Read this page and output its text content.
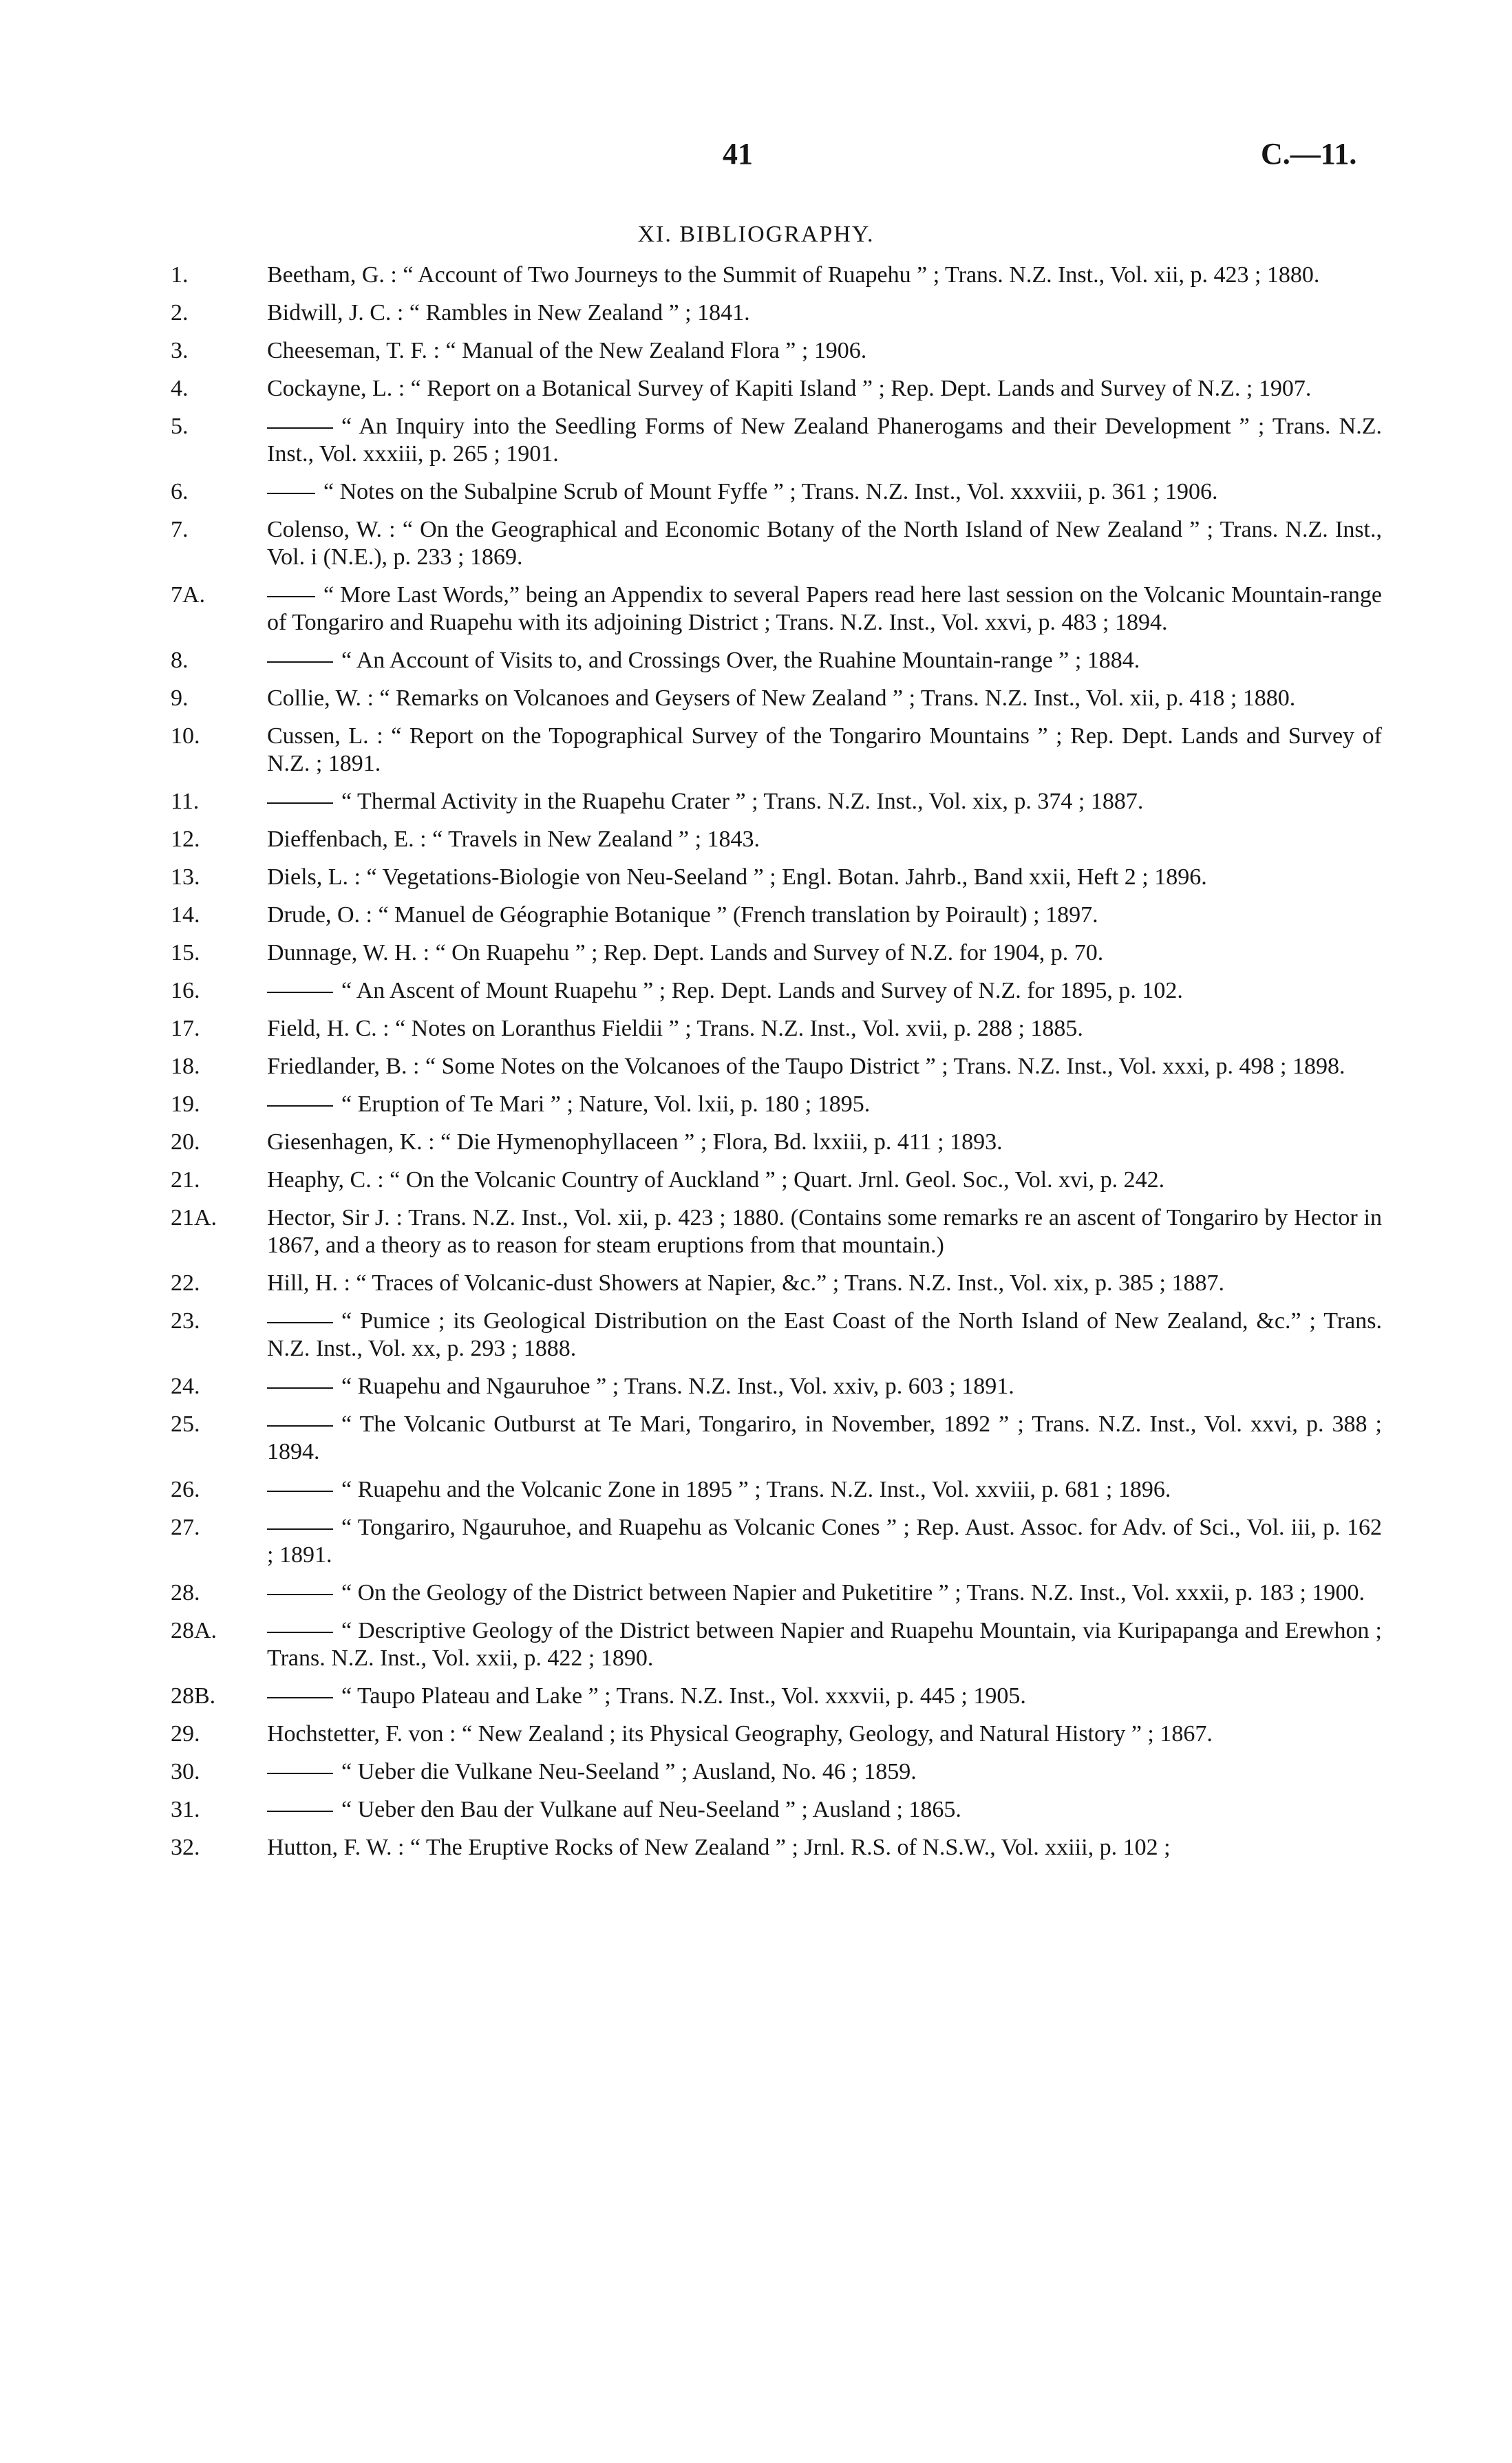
41	C.—11.
XI. BIBLIOGRAPHY.
1.	Beetham, G. : “ Account of Two Journeys to the Summit of Ruapehu ” ; Trans. N.Z. Inst., Vol. xii, p. 423 ; 1880.
2.	Bidwill, J. C. : “ Rambles in New Zealand ” ; 1841.
3.	Cheeseman, T. F. : “ Manual of the New Zealand Flora ” ; 1906.
4.	Cockayne, L. : “ Report on a Botanical Survey of Kapiti Island ” ; Rep. Dept. Lands and Survey of N.Z. ; 1907.
5.	“ An Inquiry into the Seedling Forms of New Zealand Phanerogams and their Development ” ; Trans. N.Z. Inst., Vol. xxxiii, p. 265 ; 1901.
6.	“ Notes on the Subalpine Scrub of Mount Fyffe ” ; Trans. N.Z. Inst., Vol. xxxviii, p. 361 ; 1906.
7.	Colenso, W. : “ On the Geographical and Economic Botany of the North Island of New Zealand ” ; Trans. N.Z. Inst., Vol. i (N.E.), p. 233 ; 1869.
7A.	“ More Last Words,” being an Appendix to several Papers read here last session on the Volcanic Mountain-range of Tongariro and Ruapehu with its adjoining District ; Trans. N.Z. Inst., Vol. xxvi, p. 483 ; 1894.
8.	“ An Account of Visits to, and Crossings Over, the Ruahine Mountain-range ” ; 1884.
9.	Collie, W. : “ Remarks on Volcanoes and Geysers of New Zealand ” ; Trans. N.Z. Inst., Vol. xii, p. 418 ; 1880.
10.	Cussen, L. : “ Report on the Topographical Survey of the Tongariro Mountains ” ; Rep. Dept. Lands and Survey of N.Z. ; 1891.
11.	“ Thermal Activity in the Ruapehu Crater ” ; Trans. N.Z. Inst., Vol. xix, p. 374 ; 1887.
12.	Dieffenbach, E. : “ Travels in New Zealand ” ; 1843.
13.	Diels, L. : “ Vegetations-Biologie von Neu-Seeland ” ; Engl. Botan. Jahrb., Band xxii, Heft 2 ; 1896.
14.	Drude, O. : “ Manuel de Géographie Botanique ” (French translation by Poirault) ; 1897.
15.	Dunnage, W. H. : “ On Ruapehu ” ; Rep. Dept. Lands and Survey of N.Z. for 1904, p. 70.
16.	“ An Ascent of Mount Ruapehu ” ; Rep. Dept. Lands and Survey of N.Z. for 1895, p. 102.
17.	Field, H. C. : “ Notes on Loranthus Fieldii ” ; Trans. N.Z. Inst., Vol. xvii, p. 288 ; 1885.
18.	Friedlander, B. : “ Some Notes on the Volcanoes of the Taupo District ” ; Trans. N.Z. Inst., Vol. xxxi, p. 498 ; 1898.
19.	“ Eruption of Te Mari ” ; Nature, Vol. lxii, p. 180 ; 1895.
20.	Giesenhagen, K. : “ Die Hymenophyllaceen ” ; Flora, Bd. lxxiii, p. 411 ; 1893.
21.	Heaphy, C. : “ On the Volcanic Country of Auckland ” ; Quart. Jrnl. Geol. Soc., Vol. xvi, p. 242.
21A.	Hector, Sir J. : Trans. N.Z. Inst., Vol. xii, p. 423 ; 1880. (Contains some remarks re an ascent of Tongariro by Hector in 1867, and a theory as to reason for steam eruptions from that mountain.)
22.	Hill, H. : “ Traces of Volcanic-dust Showers at Napier, &c.” ; Trans. N.Z. Inst., Vol. xix, p. 385 ; 1887.
23.	“ Pumice ; its Geological Distribution on the East Coast of the North Island of New Zealand, &c.” ; Trans. N.Z. Inst., Vol. xx, p. 293 ; 1888.
24.	“ Ruapehu and Ngauruhoe ” ; Trans. N.Z. Inst., Vol. xxiv, p. 603 ; 1891.
25.	“ The Volcanic Outburst at Te Mari, Tongariro, in November, 1892 ” ; Trans. N.Z. Inst., Vol. xxvi, p. 388 ; 1894.
26.	“ Ruapehu and the Volcanic Zone in 1895 ” ; Trans. N.Z. Inst., Vol. xxviii, p. 681 ; 1896.
27.	“ Tongariro, Ngauruhoe, and Ruapehu as Volcanic Cones ” ; Rep. Aust. Assoc. for Adv. of Sci., Vol. iii, p. 162 ; 1891.
28.	“ On the Geology of the District between Napier and Puketitire ” ; Trans. N.Z. Inst., Vol. xxxii, p. 183 ; 1900.
28A.	“ Descriptive Geology of the District between Napier and Ruapehu Mountain, via Kuripapanga and Erewhon ; Trans. N.Z. Inst., Vol. xxii, p. 422 ; 1890.
28B.	“ Taupo Plateau and Lake ” ; Trans. N.Z. Inst., Vol. xxxvii, p. 445 ; 1905.
29.	Hochstetter, F. von : “ New Zealand ; its Physical Geography, Geology, and Natural History ” ; 1867.
30.	“ Ueber die Vulkane Neu-Seeland ” ; Ausland, No. 46 ; 1859.
31.	“ Ueber den Bau der Vulkane auf Neu-Seeland ” ; Ausland ; 1865.
32.	Hutton, F. W. : “ The Eruptive Rocks of New Zealand ” ; Jrnl. R.S. of N.S.W., Vol. xxiii, p. 102 ;
